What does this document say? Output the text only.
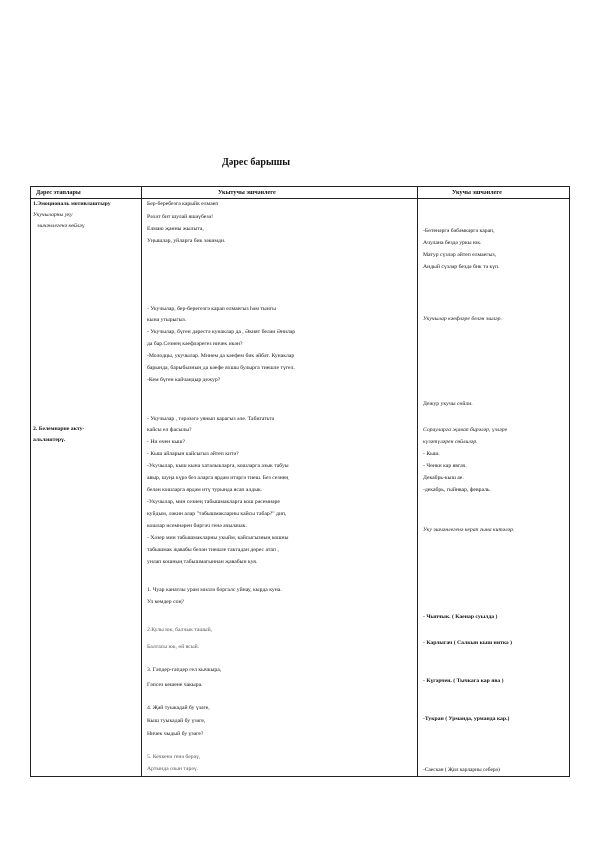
Дәрес барышы
Дәрес этаплары	Укытучы эшчәнлеге	Укучы эшчәнлеге
1.Эмоциональ мотивлаштыру
Укучыларны уку
эшчәнлегенә көйләү
2. Белемнәрне акту-
альләштерү.
Бер-беребезгә карыйк елмаеп
Рәхәт бит шулай яшәүбезә!
Елмаю җанны жылыта,
Уңышлар, уйларга бик зәкимди.
- Укучылар, бер-берегезгә карап елмаегыз һәм тынгы
кына утырыгыз.
- Укучылар, бүген дәрестә кунаклар да , Әкият белән Әниләр
да бар.Сезнең кәефләрегез ничек икән?
-Молодцы, укучылар. Минем да кәефем бик әйбәт. Кунаклар
барында, барыбызның да кәефе яхшы булырга тиешле түгел.
-Кем бүген кайчандыр дежур?
- Укучылар , тәрәзәгә уянып карагыз әле. Табигатьтә
кайсы ел фасылы?
- Ни өчен кыш?
- Кыш айларын кайсыгыз әйтеп китә?
-Укучылар, кыш кына хаталыкларга, кошларга азык табуы
авыр, шуңа күрә без аларга ярдәм итәргә тиеш. Без сезнең
белән кошларга ярдәм итү турында ясап алдык.
-Укучылар, мин сезнең табышмакларга кош рәсемнәре
куйдым, ләкин алар "табышмакларны кайсы табар?" дип,
кошлар исемнәрен биргәч генә ачылачак.
- Хәзер мин табышмакларны укыйм, кайсыгызның кошны
табышмак җавабы белән тиешле тактадан дөрес атап ,
унлап кошның табышмагыннан җавабын куя.
1. Чуар канатлы урам миллә боргалс уйнау, кырда куна.
Ул кемдер соң?
2.Кулы юк, балчык ташый,
Балтасы юк, өй ясый.
3. Гәпдер-гәпдер гел кычкыра,
Гәпсез кешене чакыра.
4. Җәй туыкадай бу үзәге,
Кыш туыкадай бу үзәге,
Ничек чыдый бу үзәге?
5. Кечкенә генә берәү,
Артында озын тәрәү.
-Бөтенәргә бәбәмкәргә карап,
Ачулана бездә уркы юк.
Матур сүзләр әйтеп елмаегыз,
Андый сүзләр бездә бик тә күп.
Укучылар кәефләре белән эшләр.
Дежур укучы сөйли.
Сорауларга җавап бирәләр, үзләре
күзәтүләрен сөйлиләр.
- Кыш.
- Чөнки кар явгач.
Декабрь-кыш ае.
-декабрь, гыйнвар, февраль.
Уку эшчәнлегенә керап гына китәләр.
- Чыпчык. ( Каенар суылда )
- Карлыгач ( Салкын кыш ниткә )
- Күгәрчен. ( Тычкага кар ява )
-Тукран ( Урманда, урманда кар.)
-Саескан ( Җил карларны себерә)
